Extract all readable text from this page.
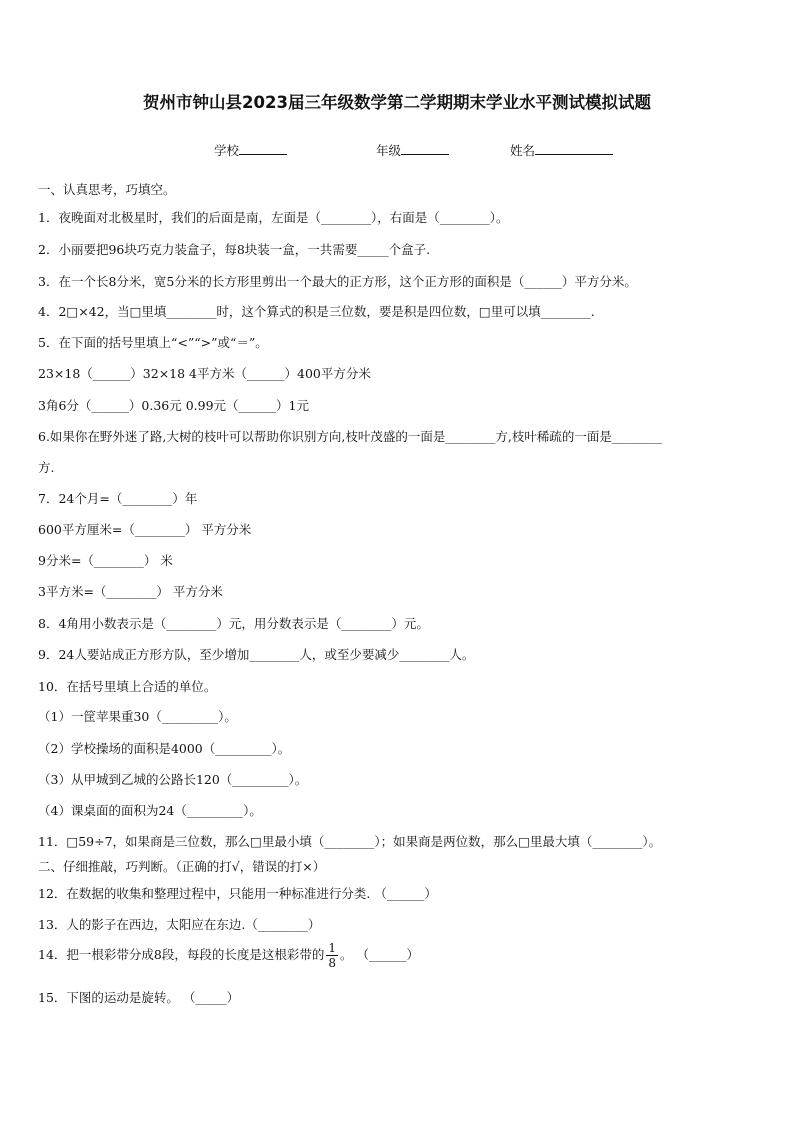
贺州市钟山县2023届三年级数学第二学期期末学业水平测试模拟试题
学校	年级	姓名
一、认真思考，巧填空。
1．夜晚面对北极星时，我们的后面是南，左面是（________），右面是（________）。
2．小丽要把96块巧克力装盒子，每8块装一盒，一共需要_____个盒子.
3．在一个长8分米，宽5分米的长方形里剪出一个最大的正方形，这个正方形的面积是（______）平方分米。
4．2□×42，当□里填________时，这个算式的积是三位数，要是积是四位数，□里可以填________.
5．在下面的括号里填上“<”“>”或“＝”。
23×18（______）32×18 4平方米（______）400平方分米
3角6分（______）0.36元 0.99元（______）1元
6.如果你在野外迷了路,大树的枝叶可以帮助你识别方向,枝叶茂盛的一面是________方,枝叶稀疏的一面是________
方.
7．24个月=（________）年
600平方厘米=（________） 平方分米
9分米=（________） 米
3平方米=（________） 平方分米
8．4角用小数表示是（________）元，用分数表示是（________）元。
9．24人要站成正方形方队，至少增加________人，或至少要减少________人。
10．在括号里填上合适的单位。
（1）一筐苹果重30（_________）。
（2）学校操场的面积是4000（_________）。
（3）从甲城到乙城的公路长120（_________）。
（4）课桌面的面积为24（_________）。
11．□59÷7，如果商是三位数，那么□里最小填（________）；如果商是两位数，那么□里最大填（________）。
二、仔细推敲，巧判断。（正确的打√，错误的打×）
12．在数据的收集和整理过程中，只能用一种标准进行分类. （______）
13．人的影子在西边，太阳应在东边.（________）
14．把一根彩带分成8段，每段的长度是这根彩带的 $\frac{1}{8}$ 。 （______）
15．下图的运动是旋转。 （_____）
